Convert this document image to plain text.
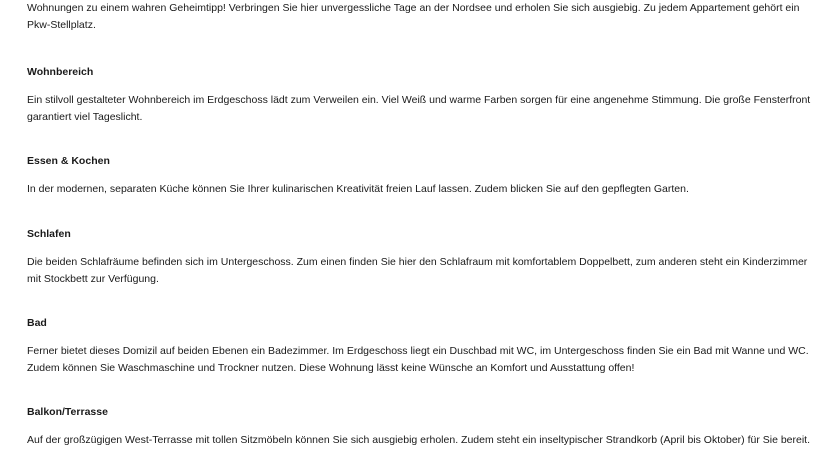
Wohnungen zu einem wahren Geheimtipp! Verbringen Sie hier unvergessliche Tage an der Nordsee und erholen Sie sich ausgiebig. Zu jedem Appartement gehört ein Pkw-Stellplatz.

Wohnbereich

Ein stilvoll gestalteter Wohnbereich im Erdgeschoss lädt zum Verweilen ein. Viel Weiß und warme Farben sorgen für eine angenehme Stimmung. Die große Fensterfront garantiert viel Tageslicht.

Essen & Kochen

In der modernen, separaten Küche können Sie Ihrer kulinarischen Kreativität freien Lauf lassen. Zudem blicken Sie auf den gepflegten Garten.

Schlafen

Die beiden Schlafräume befinden sich im Untergeschoss. Zum einen finden Sie hier den Schlafraum mit komfortablem Doppelbett, zum anderen steht ein Kinderzimmer mit Stockbett zur Verfügung.

Bad

Ferner bietet dieses Domizil auf beiden Ebenen ein Badezimmer. Im Erdgeschoss liegt ein Duschbad mit WC, im Untergeschoss finden Sie ein Bad mit Wanne und WC. Zudem können Sie Waschmaschine und Trockner nutzen. Diese Wohnung lässt keine Wünsche an Komfort und Ausstattung offen!

Balkon/Terrasse

Auf der großzügigen West-Terrasse mit tollen Sitzmöbeln können Sie sich ausgiebig erholen. Zudem steht ein inseltypischer Strandkorb (April bis Oktober) für Sie bereit.
